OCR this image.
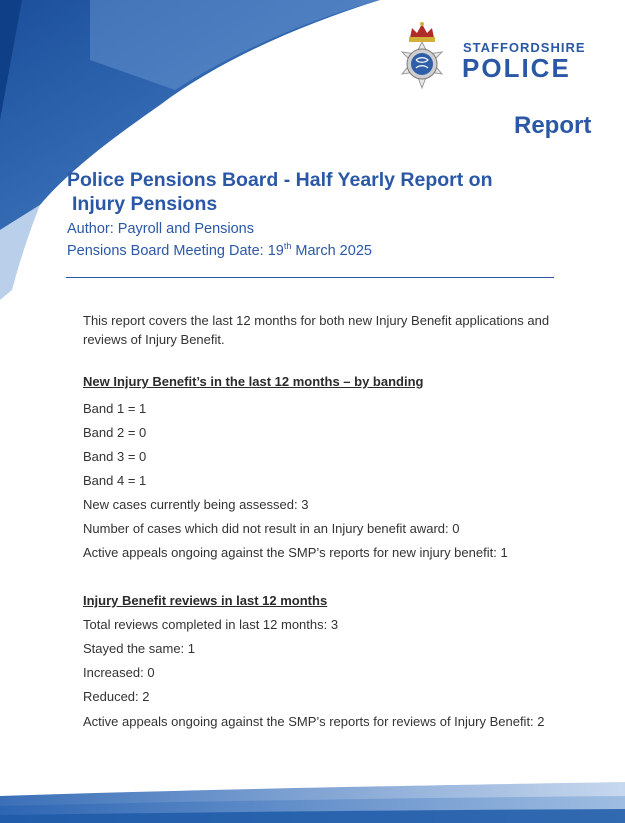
STAFFORDSHIRE
POLICE
Report
Police Pensions Board - Half Yearly Report on
Injury Pensions
Author: Payroll and Pensions
Pensions Board Meeting Date: 19th March 2025
This report covers the last 12 months for both new Injury Benefit applications and reviews of Injury Benefit.
New Injury Benefit’s in the last 12 months – by banding
Band 1 = 1
Band 2 = 0
Band 3 = 0
Band 4 = 1
New cases currently being assessed: 3
Number of cases which did not result in an Injury benefit award: 0
Active appeals ongoing against the SMP’s reports for new injury benefit: 1
Injury Benefit reviews in last 12 months
Total reviews completed in last 12 months: 3
Stayed the same: 1
Increased: 0
Reduced: 2
Active appeals ongoing against the SMP’s reports for reviews of Injury Benefit: 2
